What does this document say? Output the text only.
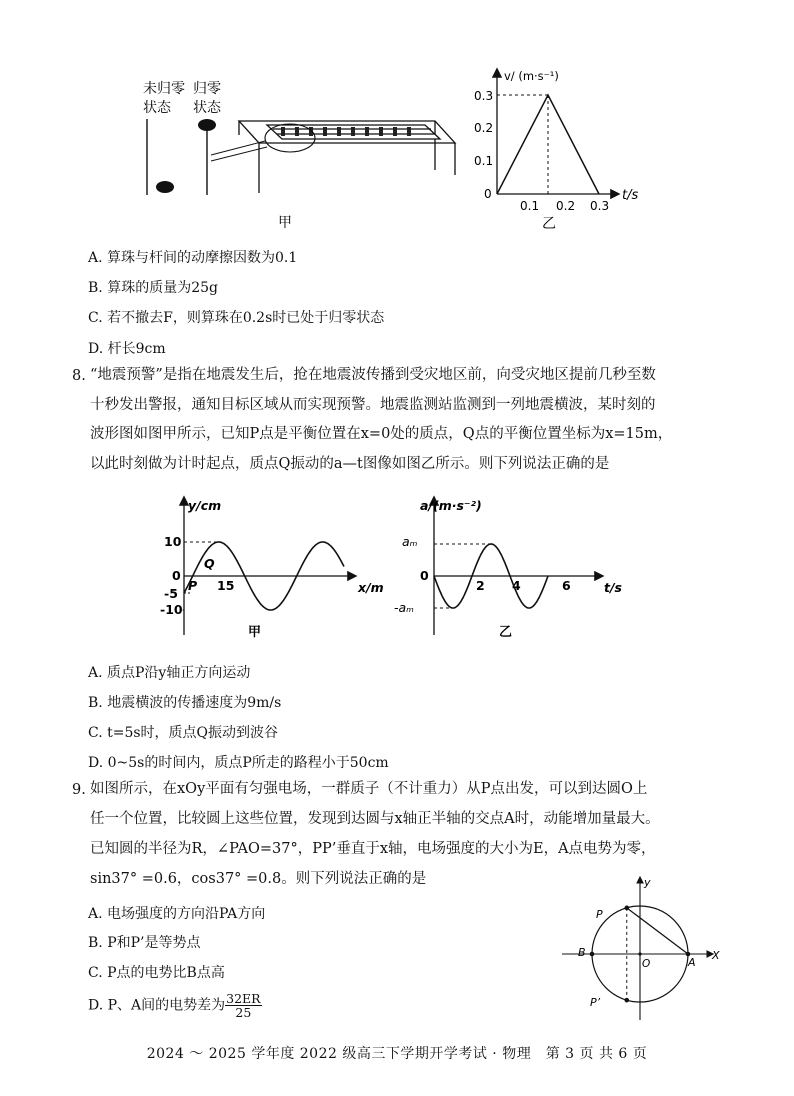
未归零 归零
状态 状态
甲
v/ (m·s⁻¹)
t/s
0.3
0.2
0.1
0
0.1 0.2 0.3
乙
A. 算珠与杆间的动摩擦因数为0.1
B. 算珠的质量为25g
C. 若不撤去F，则算珠在0.2s时已处于归零状态
D. 杆长9cm
8. “地震预警”是指在地震发生后，抢在地震波传播到受灾地区前，向受灾地区提前几秒至数
十秒发出警报，通知目标区域从而实现预警。地震监测站监测到一列地震横波，某时刻的
波形图如图甲所示，已知P点是平衡位置在x=0处的质点，Q点的平衡位置坐标为x=15m，
以此时刻做为计时起点，质点Q振动的a—t图像如图乙所示。则下列说法正确的是
y/cm
x/m
10
-5
-10
0
15
P
Q
甲
a/(m·s⁻²)
t/s
aₘ
0
-aₘ
2 4	6
乙
A. 质点P沿y轴正方向运动
B. 地震横波的传播速度为9m/s
C. t=5s时，质点Q振动到波谷
D. 0~5s的时间内，质点P所走的路程小于50cm
9. 如图所示，在xOy平面有匀强电场，一群质子（不计重力）从P点出发，可以到达圆O上
任一个位置，比较圆上这些位置，发现到达圆与x轴正半轴的交点A时，动能增加量最大。
已知圆的半径为R，∠PAO=37°，PP’垂直于x轴，电场强度的大小为E，A点电势为零，
sin37° =0.6，cos37° =0.8。则下列说法正确的是
A. 电场强度的方向沿PA方向
B. P和P’是等势点
C. P点的电势比B点高
D. P、A间的电势差为 $\frac{32ER}{25}$
y
X
O	A
B
P
P’
2024 ～ 2025 学年度 2022 级高三下学期开学考试 · 物理　第 3 页 共 6 页
